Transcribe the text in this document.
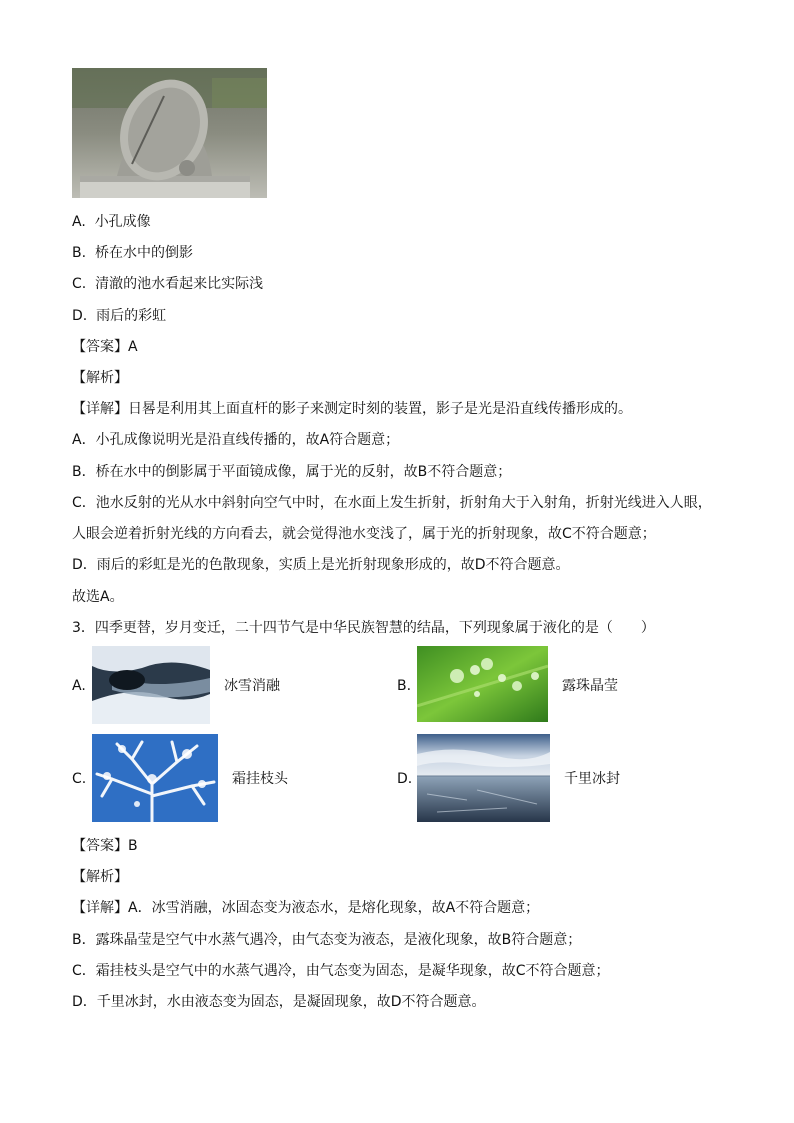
A. 小孔成像
B. 桥在水中的倒影
C. 清澈的池水看起来比实际浅
D. 雨后的彩虹
【答案】A
【解析】
【详解】日晷是利用其上面直杆的影子来测定时刻的装置，影子是光是沿直线传播形成的。
A．小孔成像说明光是沿直线传播的，故A符合题意；
B．桥在水中的倒影属于平面镜成像，属于光的反射，故B不符合题意；
C．池水反射的光从水中斜射向空气中时，在水面上发生折射，折射角大于入射角，折射光线进入人眼，
人眼会逆着折射光线的方向看去，就会觉得池水变浅了，属于光的折射现象，故C不符合题意；
D．雨后的彩虹是光的色散现象，实质上是光折射现象形成的，故D不符合题意。
故选A。
3．四季更替，岁月变迁，二十四节气是中华民族智慧的结晶，下列现象属于液化的是（　　）
A.	冰雪消融	B.	露珠晶莹
C.	霜挂枝头	D.	千里冰封
【答案】B
【解析】
【详解】A．冰雪消融，冰固态变为液态水，是熔化现象，故A不符合题意；
B．露珠晶莹是空气中水蒸气遇冷，由气态变为液态，是液化现象，故B符合题意；
C．霜挂枝头是空气中的水蒸气遇冷，由气态变为固态，是凝华现象，故C不符合题意；
D．千里冰封，水由液态变为固态，是凝固现象，故D不符合题意。
